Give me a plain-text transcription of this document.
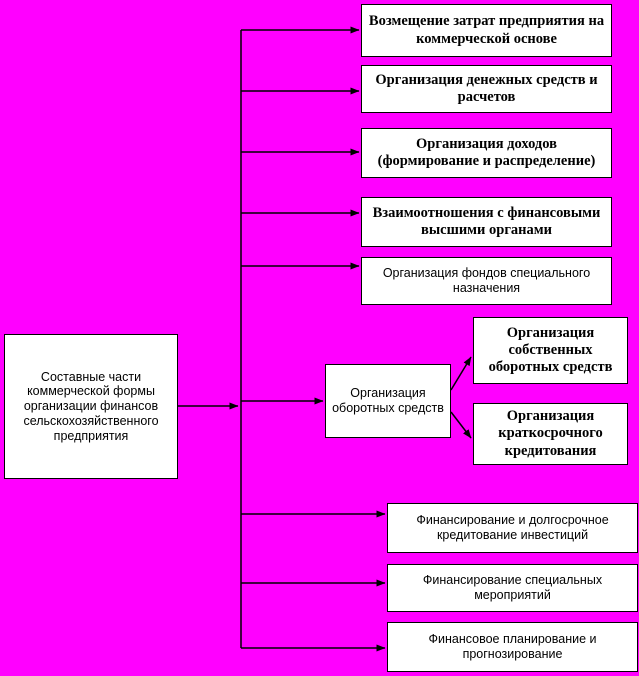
Составные части коммерческой формы организации финансов сельскохозяйственного предприятия
Возмещение затрат предприятия на коммерческой основе
Организация денежных средств и расчетов
Организация доходов (формирование и распределение)
Взаимоотношения с финансовыми высшими органами
Организация фондов специального назначения
Организация оборотных средств
Организация собственных оборотных средств
Организация краткосрочного кредитования
Финансирование и долгосрочное кредитование инвестиций
Финансирование специальных мероприятий
Финансовое планирование и прогнозирование
